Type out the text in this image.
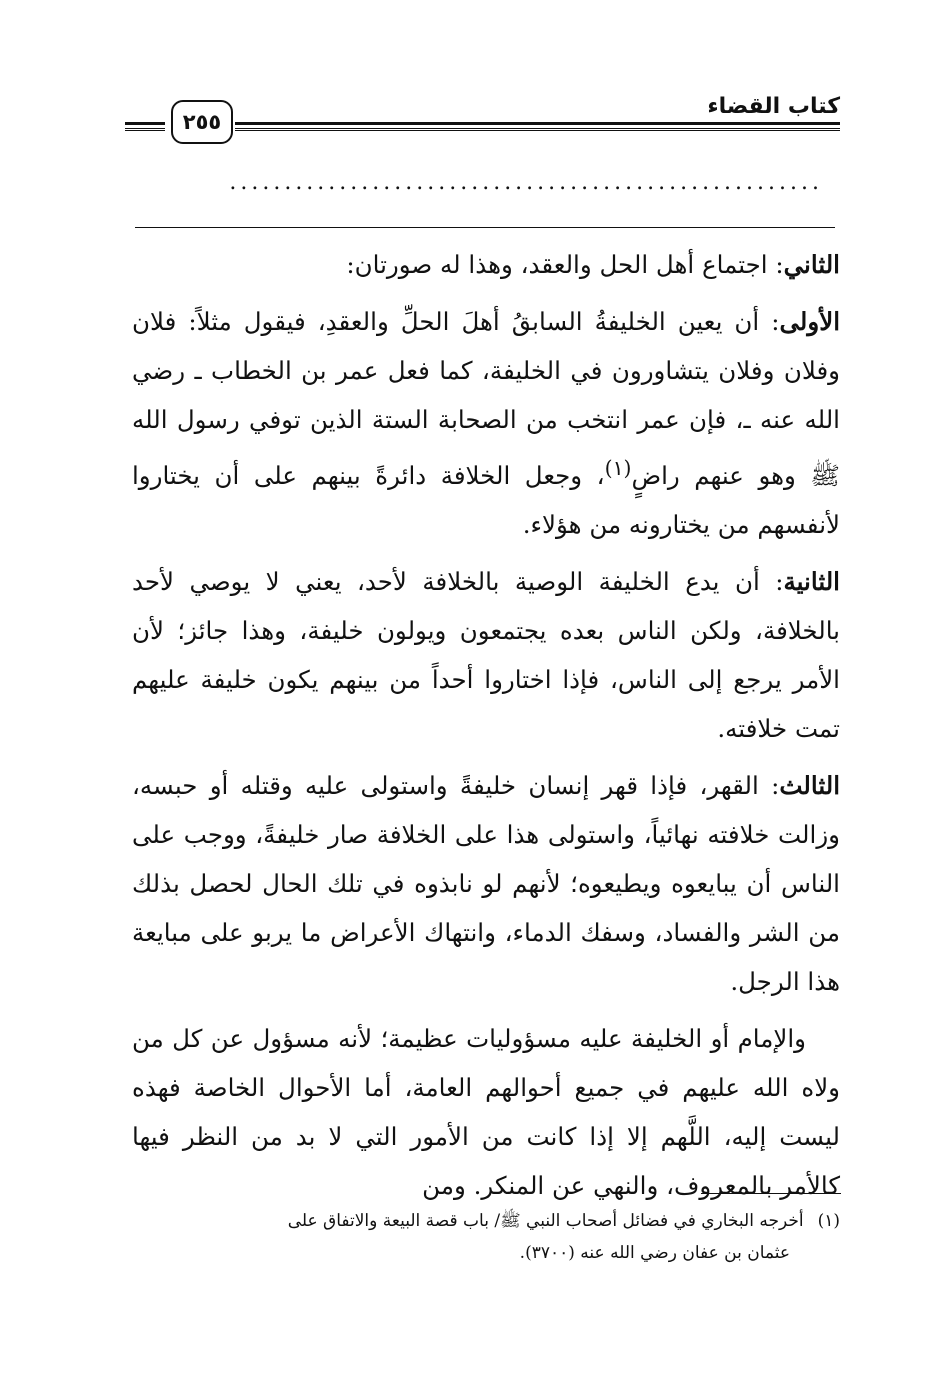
كتاب القضاء
٢٥٥
......................................................

الثاني: اجتماع أهل الحل والعقد، وهذا له صورتان:

الأولى: أن يعين الخليفةُ السابقُ أهلَ الحلِّ والعقدِ، فيقول مثلاً: فلان وفلان وفلان يتشاورون في الخليفة، كما فعل عمر بن الخطاب ـ رضي الله عنه ـ، فإن عمر انتخب من الصحابة الستة الذين توفي رسول الله ﷺ وهو عنهم راضٍ$^{(١)}$، وجعل الخلافة دائرةً بينهم على أن يختاروا لأنفسهم من يختارونه من هؤلاء.

الثانية: أن يدع الخليفة الوصية بالخلافة لأحد، يعني لا يوصي لأحد بالخلافة، ولكن الناس بعده يجتمعون ويولون خليفة، وهذا جائز؛ لأن الأمر يرجع إلى الناس، فإذا اختاروا أحداً من بينهم يكون خليفة عليهم تمت خلافته.

الثالث: القهر، فإذا قهر إنسان خليفةً واستولى عليه وقتله أو حبسه، وزالت خلافته نهائياً، واستولى هذا على الخلافة صار خليفةً، ووجب على الناس أن يبايعوه ويطيعوه؛ لأنهم لو نابذوه في تلك الحال لحصل بذلك من الشر والفساد، وسفك الدماء، وانتهاك الأعراض ما يربو على مبايعة هذا الرجل.

والإمام أو الخليفة عليه مسؤوليات عظيمة؛ لأنه مسؤول عن كل من ولاه الله عليهم في جميع أحوالهم العامة، أما الأحوال الخاصة فهذه ليست إليه، اللَّهم إلا إذا كانت من الأمور التي لا بد من النظر فيها كالأمر بالمعروف، والنهي عن المنكر. ومن

(١)أخرجه البخاري في فضائل أصحاب النبي ﷺ/ باب قصة البيعة والاتفاق على
عثمان بن عفان رضي الله عنه (٣٧٠٠).
